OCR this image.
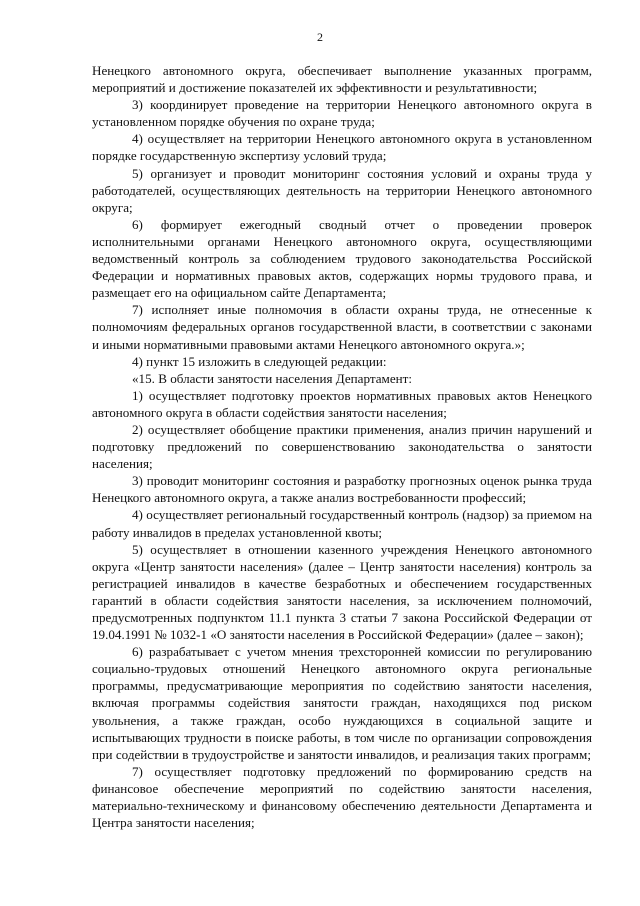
2

Ненецкого автономного округа, обеспечивает выполнение указанных программ, мероприятий и достижение показателей их эффективности и результативности;

3) координирует проведение на территории Ненецкого автономного округа в установленном порядке обучения по охране труда;

4) осуществляет на территории Ненецкого автономного округа в установленном порядке государственную экспертизу условий труда;

5) организует и проводит мониторинг состояния условий и охраны труда у работодателей, осуществляющих деятельность на территории Ненецкого автономного округа;

6) формирует ежегодный сводный отчет о проведении проверок исполнительными органами Ненецкого автономного округа, осуществляющими ведомственный контроль за соблюдением трудового законодательства Российской Федерации и нормативных правовых актов, содержащих нормы трудового права, и размещает его на официальном сайте Департамента;

7) исполняет иные полномочия в области охраны труда, не отнесенные к полномочиям федеральных органов государственной власти, в соответствии с законами и иными нормативными правовыми актами Ненецкого автономного округа.»;

4) пункт 15 изложить в следующей редакции:

«15. В области занятости населения Департамент:

1) осуществляет подготовку проектов нормативных правовых актов Ненецкого автономного округа в области содействия занятости населения;

2) осуществляет обобщение практики применения, анализ причин нарушений и подготовку предложений по совершенствованию законодательства о занятости населения;

3) проводит мониторинг состояния и разработку прогнозных оценок рынка труда Ненецкого автономного округа, а также анализ востребованности профессий;

4) осуществляет региональный государственный контроль (надзор) за приемом на работу инвалидов в пределах установленной квоты;

5) осуществляет в отношении казенного учреждения Ненецкого автономного округа «Центр занятости населения» (далее – Центр занятости населения) контроль за регистрацией инвалидов в качестве безработных и обеспечением государственных гарантий в области содействия занятости населения, за исключением полномочий, предусмотренных подпунктом 11.1 пункта 3 статьи 7 закона Российской Федерации от 19.04.1991 № 1032-1 «О занятости населения в Российской Федерации» (далее – закон);

6) разрабатывает с учетом мнения трехсторонней комиссии по регулированию социально-трудовых отношений Ненецкого автономного округа региональные программы, предусматривающие мероприятия по содействию занятости населения, включая программы содействия занятости граждан, находящихся под риском увольнения, а также граждан, особо нуждающихся в социальной защите и испытывающих трудности в поиске работы, в том числе по организации сопровождения при содействии в трудоустройстве и занятости инвалидов, и реализация таких программ;

7) осуществляет подготовку предложений по формированию средств на финансовое обеспечение мероприятий по содействию занятости населения, материально-техническому и финансовому обеспечению деятельности Департамента и Центра занятости населения;
